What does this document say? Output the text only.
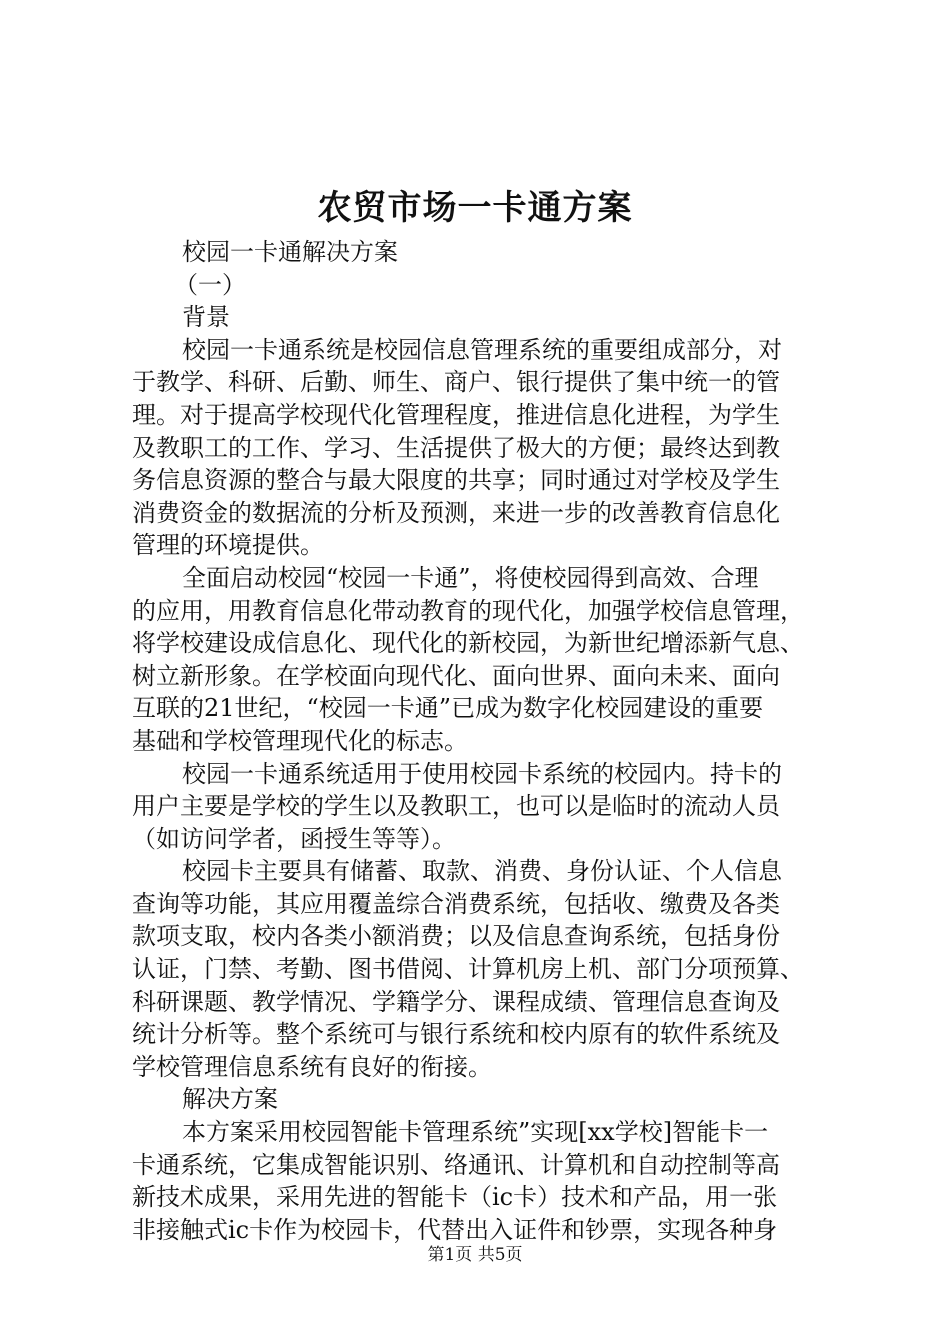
农贸市场一卡通方案

校园一卡通解决方案

（一）

背景

校园一卡通系统是校园信息管理系统的重要组成部分，对

于教学、科研、后勤、师生、商户、银行提供了集中统一的管

理。对于提高学校现代化管理程度，推进信息化进程，为学生

及教职工的工作、学习、生活提供了极大的方便；最终达到教

务信息资源的整合与最大限度的共享；同时通过对学校及学生

消费资金的数据流的分析及预测，来进一步的改善教育信息化

管理的环境提供。

全面启动校园“校园一卡通”，将使校园得到高效、合理

的应用，用教育信息化带动教育的现代化，加强学校信息管理，

将学校建设成信息化、现代化的新校园，为新世纪增添新气息、

树立新形象。在学校面向现代化、面向世界、面向未来、面向

互联的21世纪，“校园一卡通”已成为数字化校园建设的重要

基础和学校管理现代化的标志。

校园一卡通系统适用于使用校园卡系统的校园内。持卡的

用户主要是学校的学生以及教职工，也可以是临时的流动人员

（如访问学者，函授生等等）。

校园卡主要具有储蓄、取款、消费、身份认证、个人信息

查询等功能，其应用覆盖综合消费系统，包括收、缴费及各类

款项支取，校内各类小额消费；以及信息查询系统，包括身份

认证，门禁、考勤、图书借阅、计算机房上机、部门分项预算、

科研课题、教学情况、学籍学分、课程成绩、管理信息查询及

统计分析等。整个系统可与银行系统和校内原有的软件系统及

学校管理信息系统有良好的衔接。

解决方案

本方案采用校园智能卡管理系统”实现[xx学校]智能卡一

卡通系统，它集成智能识别、络通讯、计算机和自动控制等高

新技术成果，采用先进的智能卡（ic卡）技术和产品，用一张

非接触式ic卡作为校园卡，代替出入证件和钞票，实现各种身

第1页 共5页
